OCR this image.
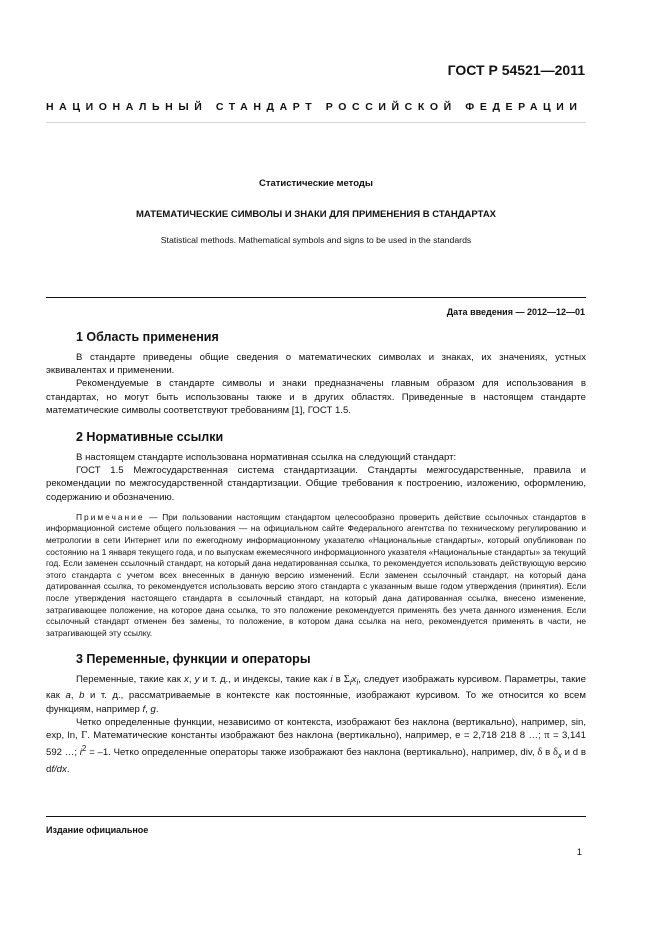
ГОСТ Р 54521—2011

НАЦИОНАЛЬНЫЙ СТАНДАРТ РОССИЙСКОЙ ФЕДЕРАЦИИ

Статистические методы

МАТЕМАТИЧЕСКИЕ СИМВОЛЫ И ЗНАКИ ДЛЯ ПРИМЕНЕНИЯ В СТАНДАРТАХ

Statistical methods. Mathematical symbols and signs to be used in the standards

Дата введения — 2012—12—01

1 Область применения

В стандарте приведены общие сведения о математических символах и знаках, их значениях, устных эквивалентах и применении.

Рекомендуемые в стандарте символы и знаки предназначены главным образом для использования в стандартах, но могут быть использованы также и в других областях. Приведенные в настоящем стандарте математические символы соответствуют требованиям [1], ГОСТ 1.5.

2 Нормативные ссылки

В настоящем стандарте использована нормативная ссылка на следующий стандарт:

ГОСТ 1.5 Межгосударственная система стандартизации. Стандарты межгосударственные, правила и рекомендации по межгосударственной стандартизации. Общие требования к построению, изложению, оформлению, содержанию и обозначению.

Примечание — При пользовании настоящим стандартом целесообразно проверить действие ссылочных стандартов в информационной системе общего пользования — на официальном сайте Федерального агентства по техническому регулированию и метрологии в сети Интернет или по ежегодному информационному указателю «Национальные стандарты», который опубликован по состоянию на 1 января текущего года, и по выпускам ежемесячного информационного указателя «Национальные стандарты» за текущий год. Если заменен ссылочный стандарт, на который дана недатированная ссылка, то рекомендуется использовать действующую версию этого стандарта с учетом всех внесенных в данную версию изменений. Если заменен ссылочный стандарт, на который дана датированная ссылка, то рекомендуется использовать версию этого стандарта с указанным выше годом утверждения (принятия). Если после утверждения настоящего стандарта в ссылочный стандарт, на который дана датированная ссылка, внесено изменение, затрагивающее положение, на которое дана ссылка, то это положение рекомендуется применять без учета данного изменения. Если ссылочный стандарт отменен без замены, то положение, в котором дана ссылка на него, рекомендуется применять в части, не затрагивающей эту ссылку.

3 Переменные, функции и операторы

Переменные, такие как x, y и т. д., и индексы, такие как i в $\Sigma_ix_i$, следует изображать курсивом. Параметры, такие как a, b и т. д., рассматриваемые в контексте как постоянные, изображают курсивом. То же относится ко всем функциям, например f, g.

Четко определенные функции, независимо от контекста, изображают без наклона (вертикально), например, sin, exp, ln, Γ. Математические константы изображают без наклона (вертикально), например, e = 2,718 218 8 …; π = 3,141 592 …; $i^2 = -1$. Четко определенные операторы также изображают без наклона (вертикально), например, div, δ в $\delta_x$ и d в df/dx.

Издание официальное

1
